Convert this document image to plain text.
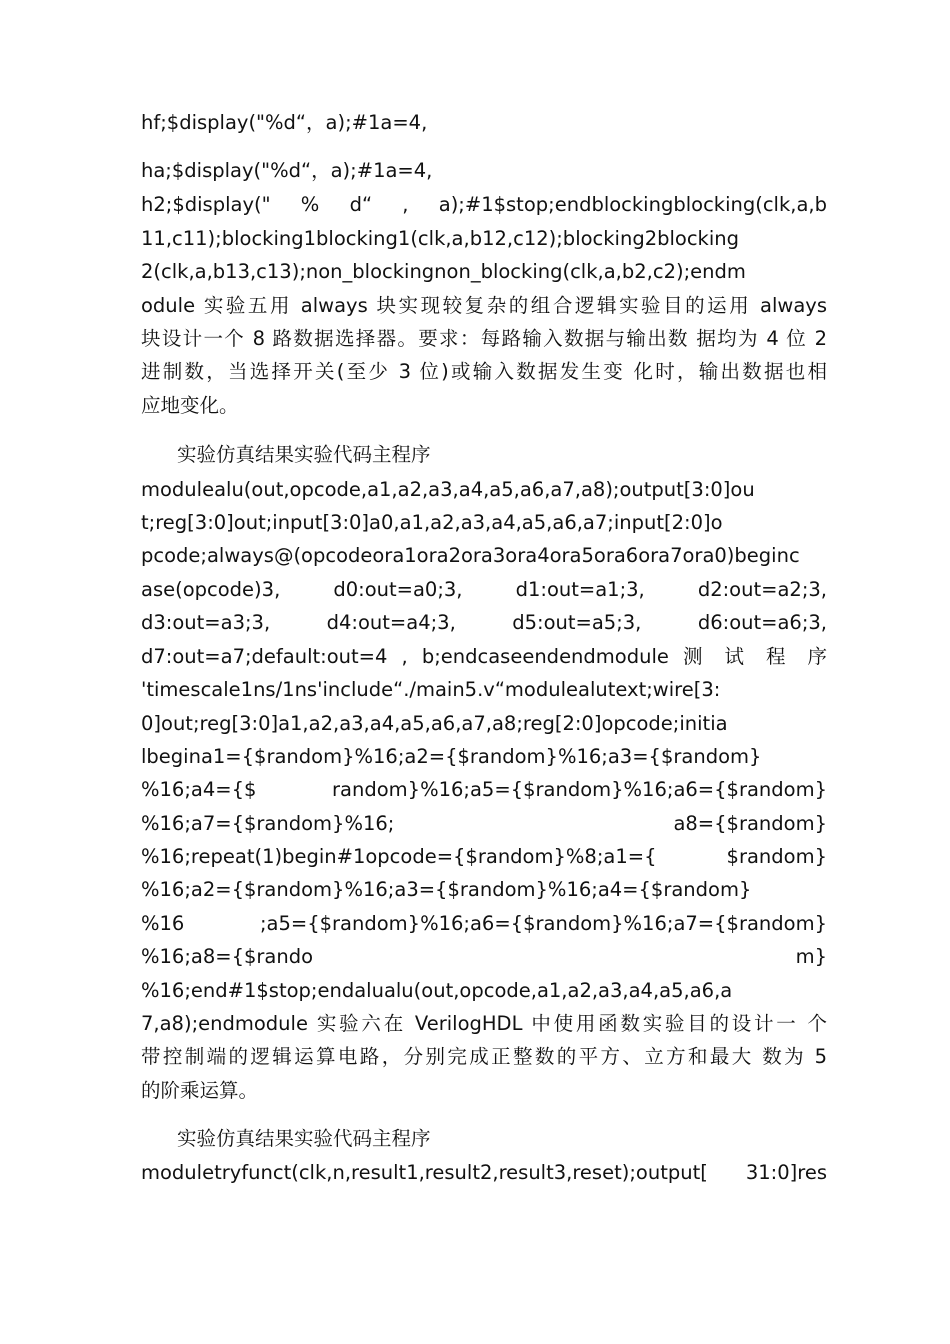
hf;$display("%d“，a);#1a=4,
ha;$display("%d“，a);#1a=4,
h2;$display(" % d“ , a);#1$stop;endblockingblocking(clk,a,b
11,c11);blocking1blocking1(clk,a,b12,c12);blocking2blocking
2(clk,a,b13,c13);non_blockingnon_blocking(clk,a,b2,c2);endm
odule 实验五用 always 块实现较复杂的组合逻辑实验目的运用 always
块设计一个 8 路数据选择器。要求：每路输入数据与输出数 据均为 4 位 2
进制数，当选择开关(至少 3 位)或输入数据发生变 化时，输出数据也相
应地变化。
实验仿真结果实验代码主程序
modulealu(out,opcode,a1,a2,a3,a4,a5,a6,a7,a8);output[3:0]ou
t;reg[3:0]out;input[3:0]a0,a1,a2,a3,a4,a5,a6,a7;input[2:0]o
pcode;always@(opcodeora1ora2ora3ora4ora5ora6ora7ora0)beginc
ase(opcode)3, d0:out=a0;3, d1:out=a1;3, d2:out=a2;3,
d3:out=a3;3, d4:out=a4;3, d5:out=a5;3, d6:out=a6;3,
d7:out=a7;default:out=4 , b;endcaseendendmodule 测 试 程 序
'timescale1ns/1ns'include“./main5.v“modulealutext;wire[3:
0]out;reg[3:0]a1,a2,a3,a4,a5,a6,a7,a8;reg[2:0]opcode;initia
lbegina1={$random}%16;a2={$random}%16;a3={$random}
%16;a4={$ random}%16;a5={$random}%16;a6={$random}
%16;a7={$random}%16; a8={$random}
%16;repeat(1)begin#1opcode={$random}%8;a1={ $random}
%16;a2={$random}%16;a3={$random}%16;a4={$random}
%16 ;a5={$random}%16;a6={$random}%16;a7={$random}
%16;a8={$rando m}
%16;end#1$stop;endalualu(out,opcode,a1,a2,a3,a4,a5,a6,a
7,a8);endmodule 实验六在 VerilogHDL 中使用函数实验目的设计一 个
带控制端的逻辑运算电路，分别完成正整数的平方、立方和最大 数为 5
的阶乘运算。
实验仿真结果实验代码主程序
moduletryfunct(clk,n,result1,result2,result3,reset);output[ 31:0]res
